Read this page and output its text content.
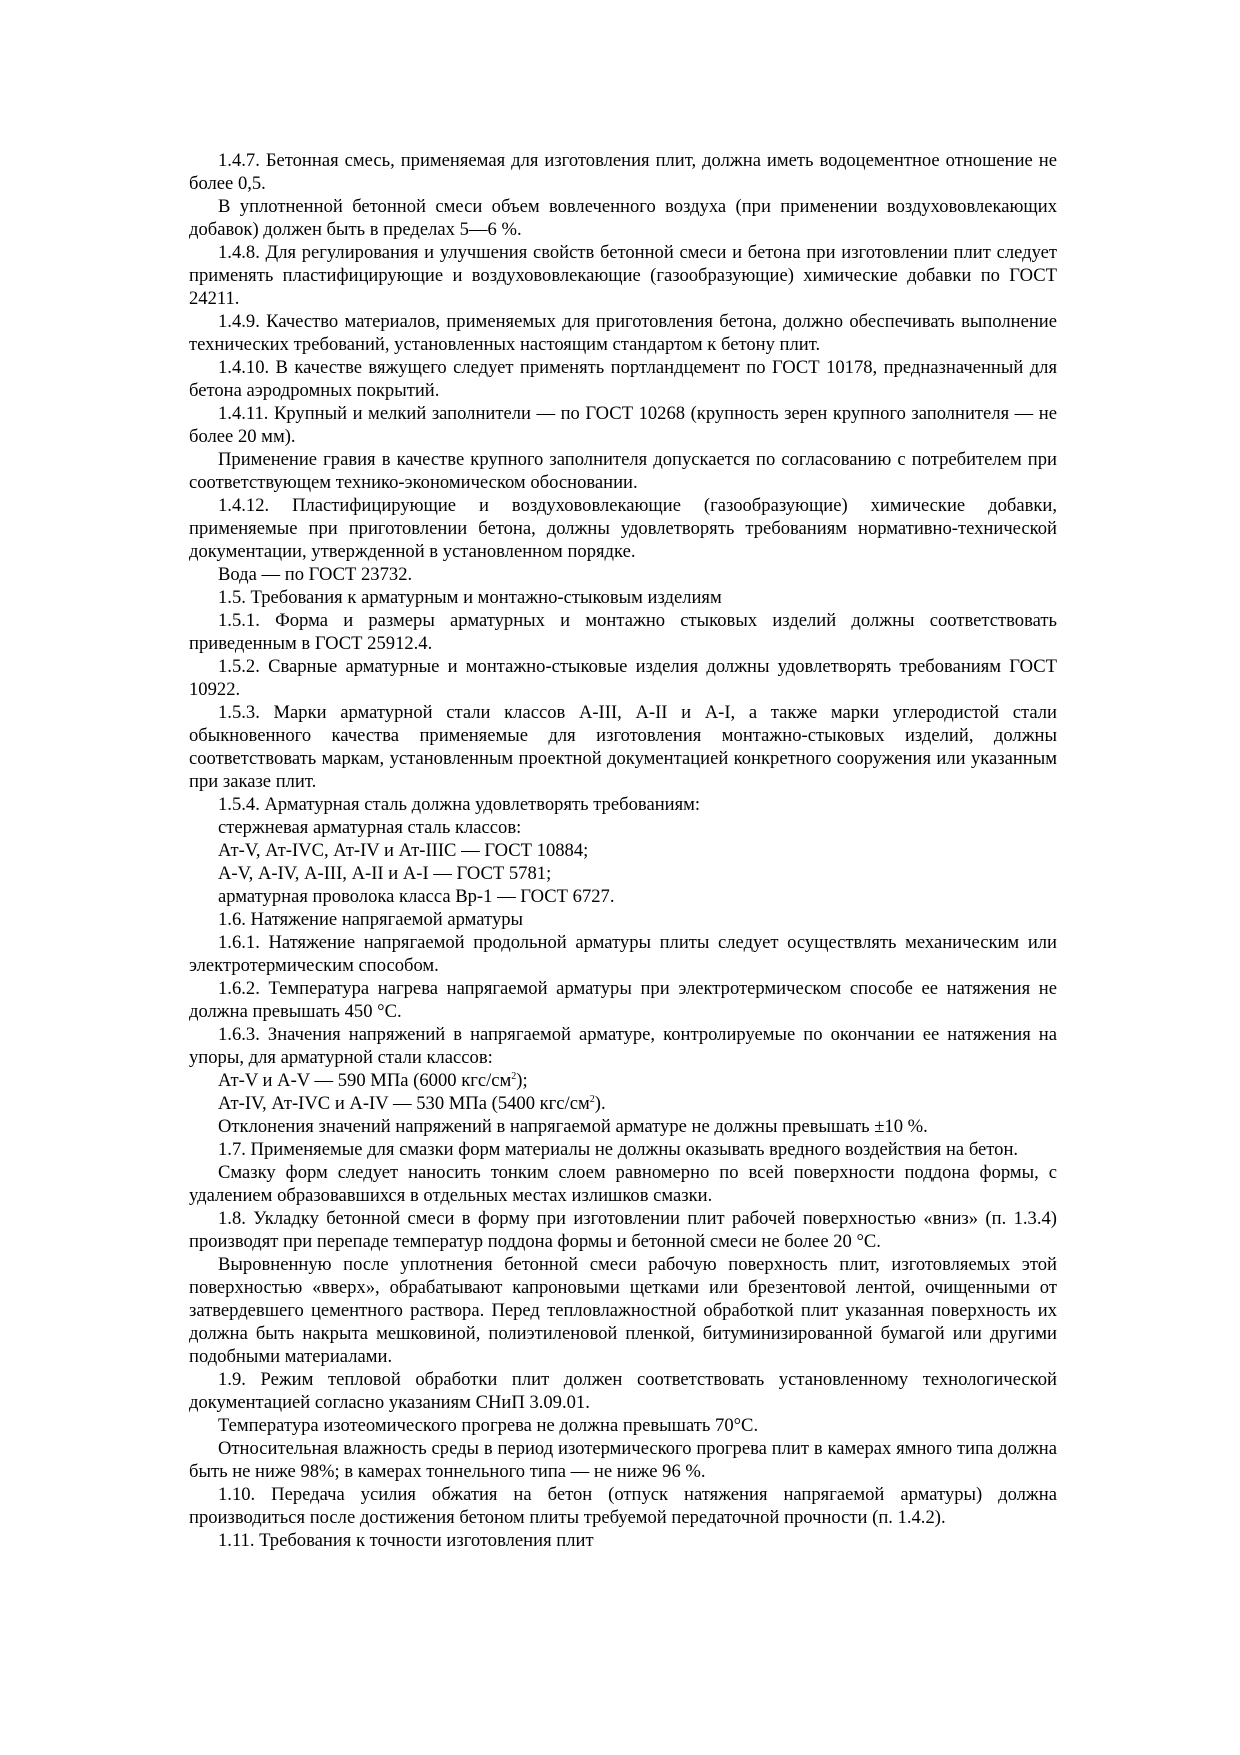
1.4.7. Бетонная смесь, применяемая для изготовления плит, должна иметь водоцементное отношение не более 0,5.

В уплотненной бетонной смеси объем вовлеченного воздуха (при применении воздухововлекающих добавок) должен быть в пределах 5—6 %.

1.4.8. Для регулирования и улучшения свойств бетонной смеси и бетона при изготовлении плит следует применять пластифицирующие и воздухововлекающие (газообразующие) химические добавки по ГОСТ 24211.

1.4.9. Качество материалов, применяемых для приготовления бетона, должно обеспечивать выполнение технических требований, установленных настоящим стандартом к бетону плит.

1.4.10. В качестве вяжущего следует применять портландцемент по ГОСТ 10178, предназначенный для бетона аэродромных покрытий.

1.4.11. Крупный и мелкий заполнители — по ГОСТ 10268 (крупность зерен крупного заполнителя — не более 20 мм).

Применение гравия в качестве крупного заполнителя допускается по согласованию с потребителем при соответствующем технико-экономическом обосновании.

1.4.12. Пластифицирующие и воздухововлекающие (газообразующие) химические добавки, применяемые при приготовлении бетона, должны удовлетворять требованиям нормативно-технической документации, утвержденной в установленном порядке.

Вода — по ГОСТ 23732.

1.5. Требования к арматурным и монтажно-стыковым изделиям

1.5.1. Форма и размеры арматурных и монтажно стыковых изделий должны соответствовать приведенным в ГОСТ 25912.4.

1.5.2. Сварные арматурные и монтажно-стыковые изделия должны удовлетворять требованиям ГОСТ 10922.

1.5.3. Марки арматурной стали классов А-III, А-II и А-I, а также марки углеродистой стали обыкновенного качества применяемые для изготовления монтажно-стыковых изделий, должны соответствовать маркам, установленным проектной документацией конкретного сооружения или указанным при заказе плит.

1.5.4. Арматурная сталь должна удовлетворять требованиям:

стержневая арматурная сталь классов:

Ат-V, Ат-IVC, Ат-IV и Ат-IIIC — ГОСТ 10884;

А-V, А-IV, А-III, А-II и А-I — ГОСТ 5781;

арматурная проволока класса Вр-1 — ГОСТ 6727.

1.6. Натяжение напрягаемой арматуры

1.6.1. Натяжение напрягаемой продольной арматуры плиты следует осуществлять механическим или электротермическим способом.

1.6.2. Температура нагрева напрягаемой арматуры при электротермическом способе ее натяжения не должна превышать 450 °С.

1.6.3. Значения напряжений в напрягаемой арматуре, контролируемые по окончании ее натяжения на упоры, для арматурной стали классов:

Ат-V и А-V — 590 МПа (6000 кгс/$см^2$);

Ат-IV, Ат-IVC и А-IV — 530 МПа (5400 кгс/$см^2$).

Отклонения значений напряжений в напрягаемой арматуре не должны превышать ±10 %.

1.7. Применяемые для смазки форм материалы не должны оказывать вредного воздействия на бетон.

Смазку форм следует наносить тонким слоем равномерно по всей поверхности поддона формы, с удалением образовавшихся в отдельных местах излишков смазки.

1.8. Укладку бетонной смеси в форму при изготовлении плит рабочей поверхностью «вниз» (п. 1.3.4) производят при перепаде температур поддона формы и бетонной смеси не более 20 °С.

Выровненную после уплотнения бетонной смеси рабочую поверхность плит, изготовляемых этой поверхностью «вверх», обрабатывают капроновыми щетками или брезентовой лентой, очищенными от затвердевшего цементного раствора. Перед тепловлажностной обработкой плит указанная поверхность их должна быть накрыта мешковиной, полиэтиленовой пленкой, битуминизированной бумагой или другими подобными материалами.

1.9. Режим тепловой обработки плит должен соответствовать установленному технологической документацией согласно указаниям СНиП 3.09.01.

Температура изотеомического прогрева не должна превышать 70°С.

Относительная влажность среды в период изотермического прогрева плит в камерах ямного типа должна быть не ниже 98%; в камерах тоннельного типа — не ниже 96 %.

1.10. Передача усилия обжатия на бетон (отпуск натяжения напрягаемой арматуры) должна производиться после достижения бетоном плиты требуемой передаточной прочности (п. 1.4.2).

1.11. Требования к точности изготовления плит
